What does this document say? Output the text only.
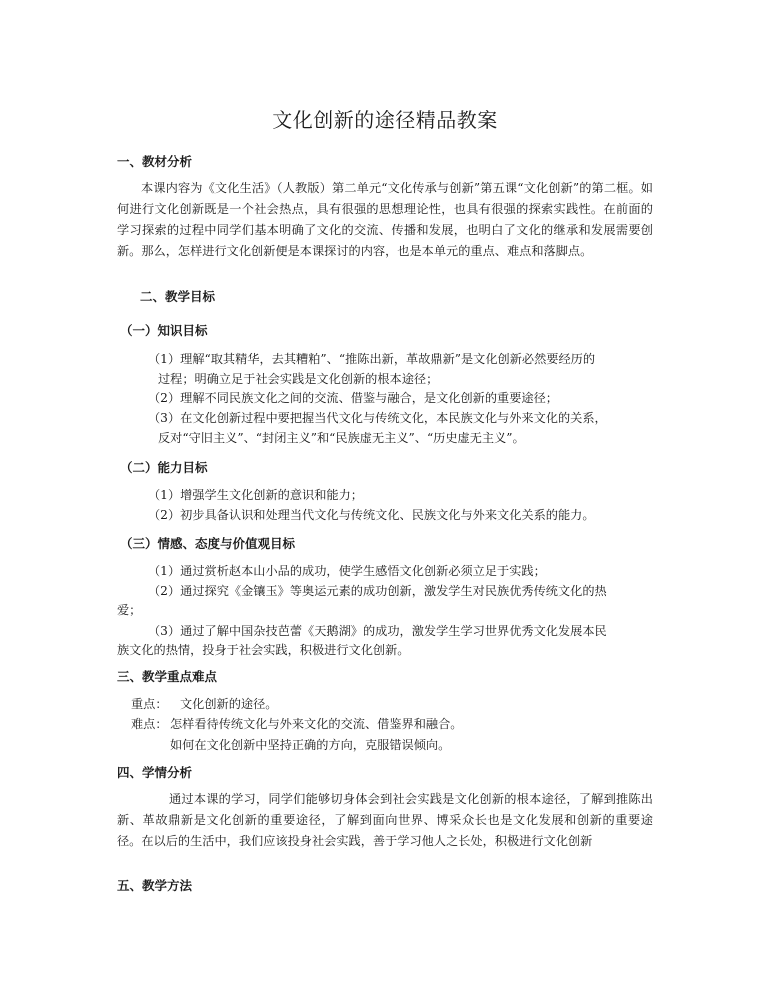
文化创新的途径精品教案
一、教材分析
本课内容为《文化生活》（人教版）第二单元“文化传承与创新”第五课“文化创新”的第二框。如何进行文化创新既是一个社会热点，具有很强的思想理论性，也具有很强的探索实践性。在前面的学习探索的过程中同学们基本明确了文化的交流、传播和发展，也明白了文化的继承和发展需要创新。那么，怎样进行文化创新便是本课探讨的内容，也是本单元的重点、难点和落脚点。
二、教学目标
（一）知识目标
（1）理解“取其精华，去其糟粕”、“推陈出新，革故鼎新”是文化创新必然要经历的
过程；明确立足于社会实践是文化创新的根本途径；
（2）理解不同民族文化之间的交流、借鉴与融合，是文化创新的重要途径；
（3）在文化创新过程中要把握当代文化与传统文化，本民族文化与外来文化的关系，
反对“守旧主义”、“封闭主义”和“民族虚无主义”、“历史虚无主义”。
（二）能力目标
（1）增强学生文化创新的意识和能力；
（2）初步具备认识和处理当代文化与传统文化、民族文化与外来文化关系的能力。
（三）情感、态度与价值观目标
（1）通过赏析赵本山小品的成功，使学生感悟文化创新必须立足于实践；
（2）通过探究《金镶玉》等奥运元素的成功创新，激发学生对民族优秀传统文化的热
爱；
（3）通过了解中国杂技芭蕾《天鹅湖》的成功，激发学生学习世界优秀文化发展本民
族文化的热情，投身于社会实践，积极进行文化创新。
三、教学重点难点
重点： 文化创新的途径。
难点： 怎样看待传统文化与外来文化的交流、借鉴界和融合。
如何在文化创新中坚持正确的方向，克服错误倾向。
四、学情分析
通过本课的学习，同学们能够切身体会到社会实践是文化创新的根本途径，了解到推陈出新、革故鼎新是文化创新的重要途径，了解到面向世界、博采众长也是文化发展和创新的重要途径。在以后的生活中，我们应该投身社会实践，善于学习他人之长处，积极进行文化创新
五、教学方法
